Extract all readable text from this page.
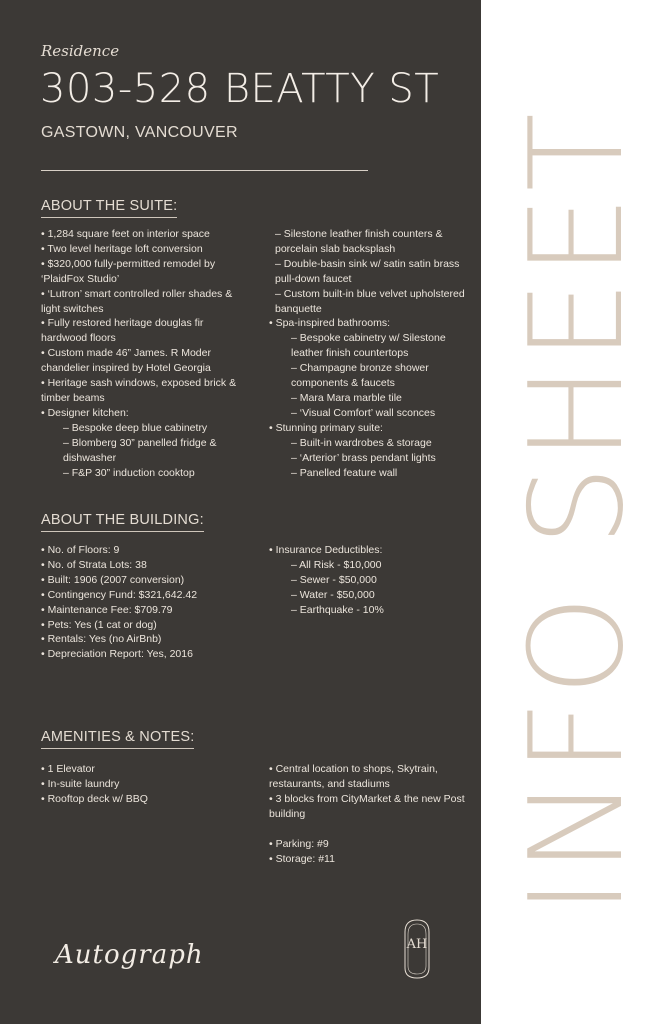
Residence
303-528 BEATTY ST
GASTOWN, VANCOUVER
ABOUT THE SUITE:
• 1,284 square feet on interior space
• Two level heritage loft conversion
• $320,000 fully-permitted remodel by ‘PlaidFox Studio’
• ‘Lutron’ smart controlled roller shades & light switches
• Fully restored heritage douglas fir hardwood floors
• Custom made 46” James. R Moder chandelier inspired by Hotel Georgia
• Heritage sash windows, exposed brick & timber beams
• Designer kitchen:
– Bespoke deep blue cabinetry
– Blomberg 30” panelled fridge & dishwasher
– F&P 30” induction cooktop
– Silestone leather finish counters & porcelain slab backsplash
– Double-basin sink w/ satin satin brass pull-down faucet
– Custom built-in blue velvet upholstered banquette
• Spa-inspired bathrooms:
– Bespoke cabinetry w/ Silestone leather finish countertops
– Champagne bronze shower components & faucets
– Mara Mara marble tile
– ‘Visual Comfort’ wall sconces
• Stunning primary suite:
– Built-in wardrobes & storage
– ‘Arterior’ brass pendant lights
– Panelled feature wall
ABOUT THE BUILDING:
• No. of Floors: 9
• No. of Strata Lots: 38
• Built: 1906 (2007 conversion)
• Contingency Fund: $321,642.42
• Maintenance Fee: $709.79
• Pets: Yes (1 cat or dog)
• Rentals: Yes (no AirBnb)
• Depreciation Report: Yes, 2016
• Insurance Deductibles:
– All Risk - $10,000
– Sewer - $50,000
– Water - $50,000
– Earthquake - 10%
AMENITIES & NOTES:
• 1 Elevator
• In-suite laundry
• Rooftop deck w/ BBQ
• Central location to shops, Skytrain, restaurants, and stadiums
• 3 blocks from CityMarket & the new Post building
• Parking: #9
• Storage: #11
Autograph	AH
INFO SHEET
